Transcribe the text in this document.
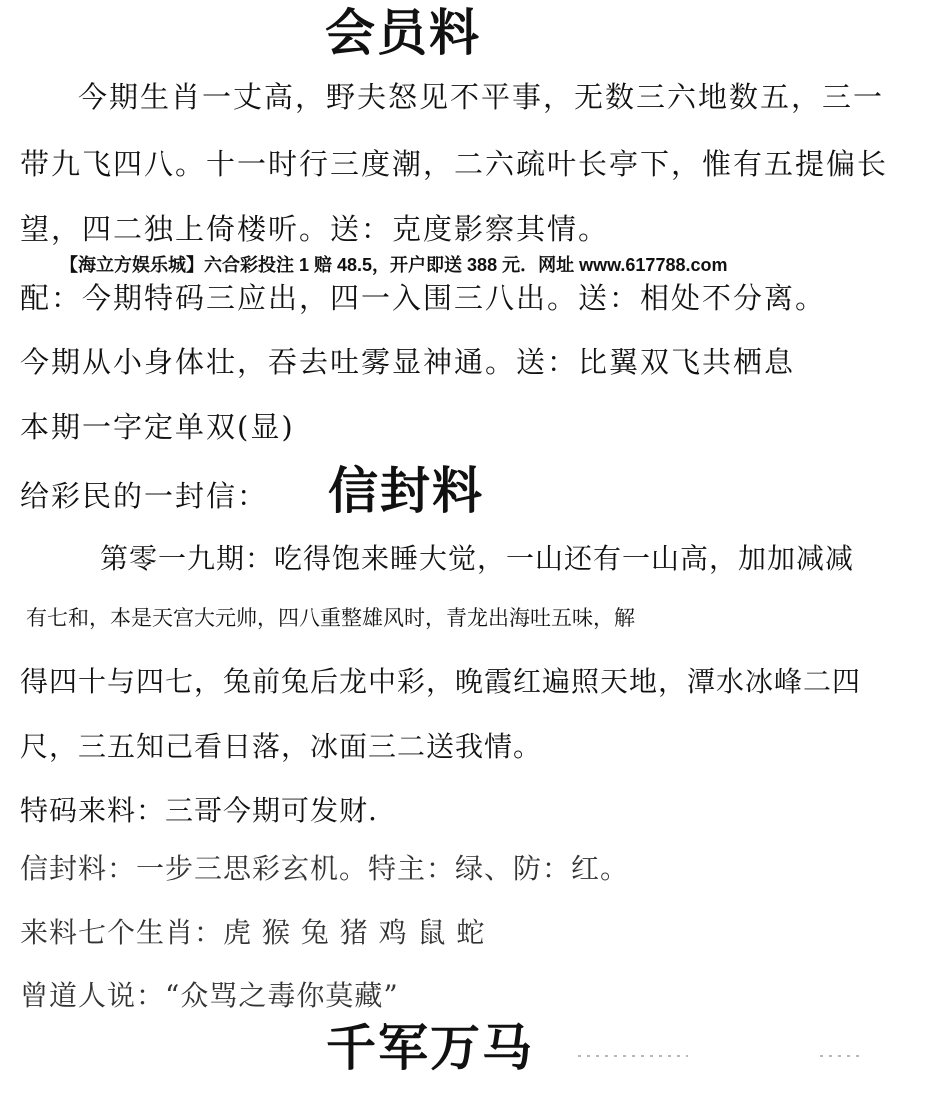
会员料
今期生肖一丈高，野夫怒见不平事，无数三六地数五，三一
带九飞四八。十一时行三度潮，二六疏叶长亭下，惟有五提偏长
望，四二独上倚楼听。送：克度影察其情。
【海立方娱乐城】六合彩投注 1 赔 48.5，开户即送 388 元．网址 www.617788.com
配：今期特码三应出，四一入围三八出。送：相处不分离。
今期从小身体壮，吞去吐雾显神通。送：比翼双飞共栖息
本期一字定单双(显)
给彩民的一封信： 信封料
第零一九期：吃得饱来睡大觉，一山还有一山高，加加减减
有七和，本是天宫大元帅，四八重整雄风时，青龙出海吐五味，解
得四十与四七，兔前兔后龙中彩，晚霞红遍照天地，潭水冰峰二四
尺，三五知己看日落，冰面三二送我情。
特码来料：三哥今期可发财.
信封料：一步三思彩玄机。特主：绿、防：红。
来料七个生肖：虎 猴 兔 猪 鸡 鼠 蛇
曾道人说：“众骂之毒你莫藏”
千军万马
